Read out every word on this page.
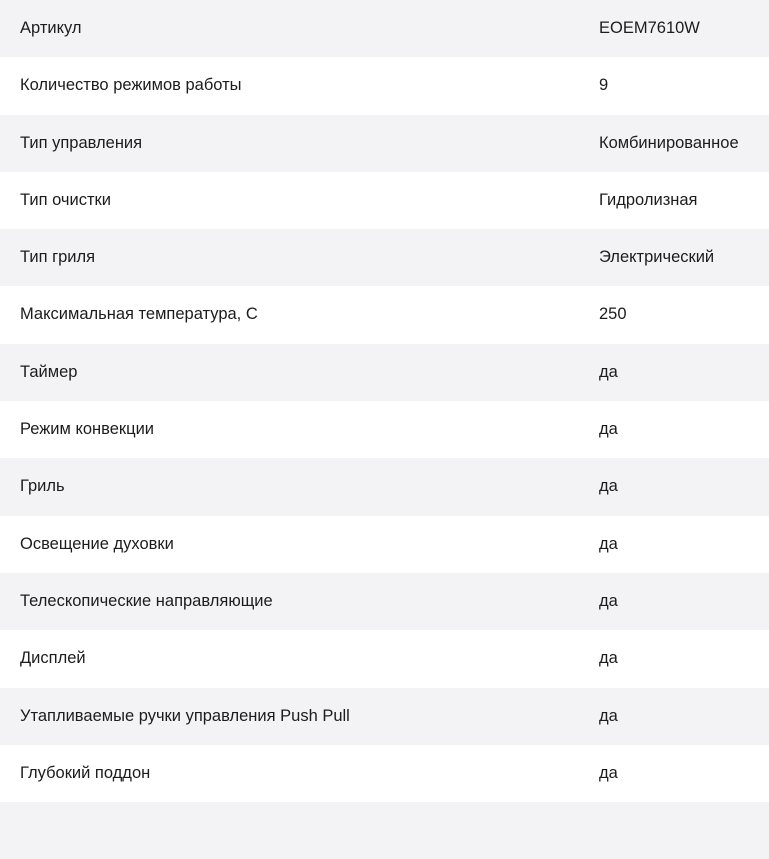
Артикул	EOEM7610W
Количество режимов работы	9
Тип управления	Комбинированное
Тип очистки	Гидролизная
Тип гриля	Электрический
Максимальная температура, С	250
Таймер	да
Режим конвекции	да
Гриль	да
Освещение духовки	да
Телескопические направляющие	да
Дисплей	да
Утапливаемые ручки управления Push Pull	да
Глубокий поддон	да
